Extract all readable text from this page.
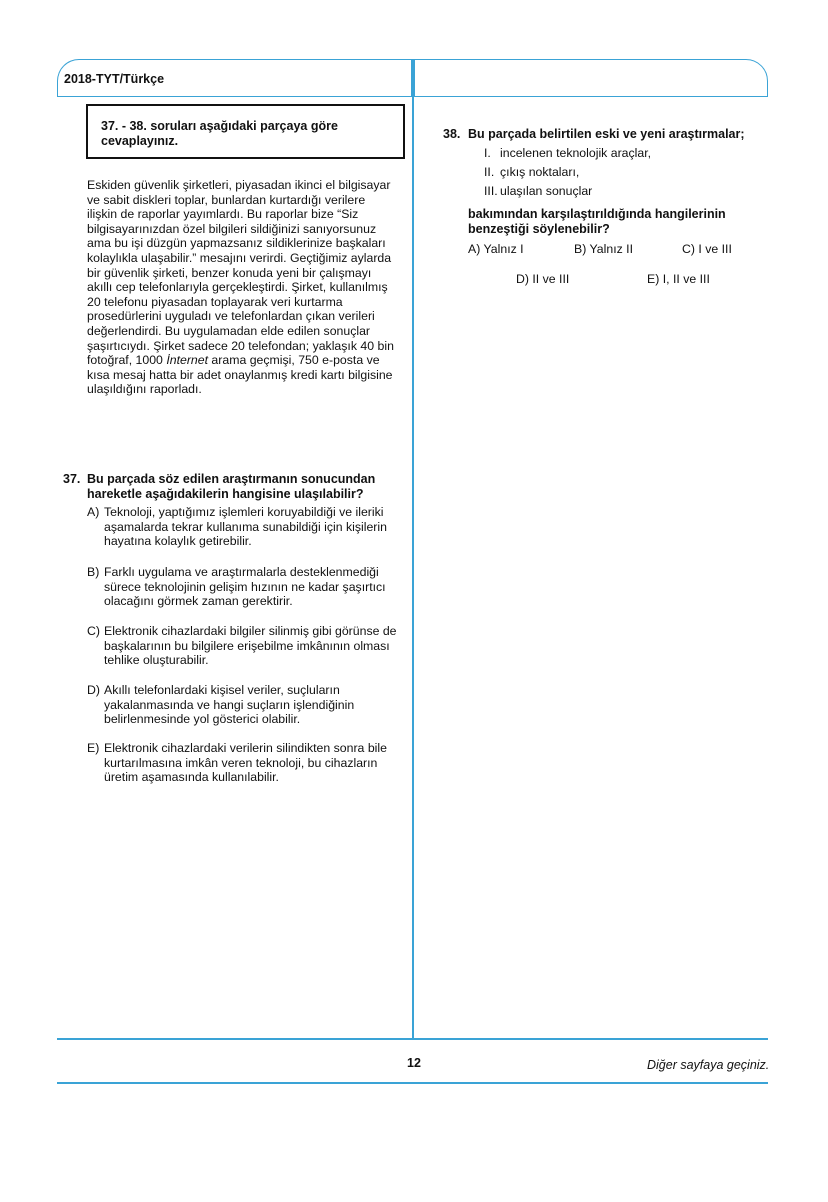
2018-TYT/Türkçe
37. - 38. soruları aşağıdaki parçaya göre cevaplayınız.
Eskiden güvenlik şirketleri, piyasadan ikinci el bilgisayar
ve sabit diskleri toplar, bunlardan kurtardığı verilere
ilişkin de raporlar yayımlardı. Bu raporlar bize “Siz
bilgisayarınızdan özel bilgileri sildiğinizi sanıyorsunuz
ama bu işi düzgün yapmazsanız sildiklerinize başkaları
kolaylıkla ulaşabilir.” mesajını verirdi. Geçtiğimiz aylarda
bir güvenlik şirketi, benzer konuda yeni bir çalışmayı
akıllı cep telefonlarıyla gerçekleştirdi. Şirket, kullanılmış
20 telefonu piyasadan toplayarak veri kurtarma
prosedürlerini uyguladı ve telefonlardan çıkan verileri
değerlendirdi. Bu uygulamadan elde edilen sonuçlar
şaşırtıcıydı. Şirket sadece 20 telefondan; yaklaşık 40 bin
fotoğraf, 1000 İnternet arama geçmişi, 750 e-posta ve
kısa mesaj hatta bir adet onaylanmış kredi kartı bilgisine
ulaşıldığını raporladı.
37. Bu parçada söz edilen araştırmanın sonucundan
hareketle aşağıdakilerin hangisine ulaşılabilir?
A) Teknoloji, yaptığımız işlemleri koruyabildiği ve ileriki
aşamalarda tekrar kullanıma sunabildiği için kişilerin
hayatına kolaylık getirebilir.
B) Farklı uygulama ve araştırmalarla desteklenmediği
sürece teknolojinin gelişim hızının ne kadar şaşırtıcı
olacağını görmek zaman gerektirir.
C) Elektronik cihazlardaki bilgiler silinmiş gibi görünse de
başkalarının bu bilgilere erişebilme imkânının olması
tehlike oluşturabilir.
D) Akıllı telefonlardaki kişisel veriler, suçluların
yakalanmasında ve hangi suçların işlendiğinin
belirlenmesinde yol gösterici olabilir.
E) Elektronik cihazlardaki verilerin silindikten sonra bile
kurtarılmasına imkân veren teknoloji, bu cihazların
üretim aşamasında kullanılabilir.
38. Bu parçada belirtilen eski ve yeni araştırmalar;
I. incelenen teknolojik araçlar,
II. çıkış noktaları,
III. ulaşılan sonuçlar
bakımından karşılaştırıldığında hangilerinin
benzeştiği söylenebilir?
A) Yalnız I	B) Yalnız II	C) I ve III
D) II ve III	E) I, II ve III
12	Diğer sayfaya geçiniz.
